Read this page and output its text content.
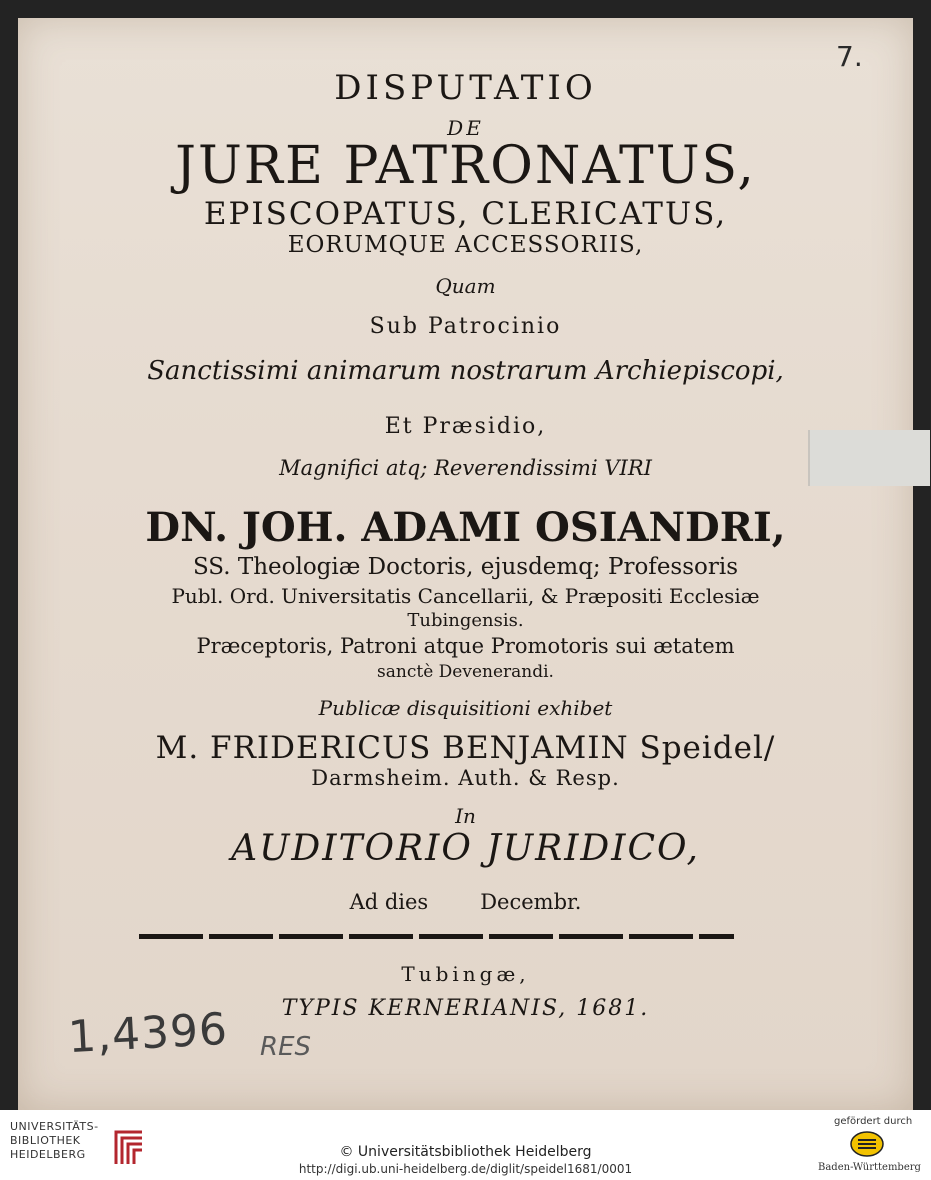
7.
DISPUTATIO
DE
JURE PATRONATUS,
EPISCOPATUS, CLERICATUS,
EORUMQUE ACCESSORIIS,
Quam
Sub Patrocinio
Sanctissimi animarum nostrarum Archiepiscopi,
Et Præsidio,
Magnifici atq; Reverendissimi VIRI
DN. JOH. ADAMI OSIANDRI,
SS. Theologiæ Doctoris, ejusdemq; Professoris
Publ. Ord. Universitatis Cancellarii, & Præpositi Ecclesiæ
Tubingensis.
Præceptoris, Patroni atque Promotoris sui ætatem
sanctè Devenerandi.
Publicæ disquisitioni exhibet
M. FRIDERICUS BENJAMIN Speidel/
Darmsheim. Auth. & Resp.
In
AUDITORIO JURIDICO,
Ad dies Decembr.
Tubingæ,
TYPIS KERNERIANIS, 1681.
1,4396 RES
UNIVERSITÄTS-
BIBLIOTHEK
HEIDELBERG	© Universitätsbibliothek Heidelberg
http://digi.ub.uni-heidelberg.de/diglit/speidel1681/0001
gefördert durch
Baden-Württemberg
